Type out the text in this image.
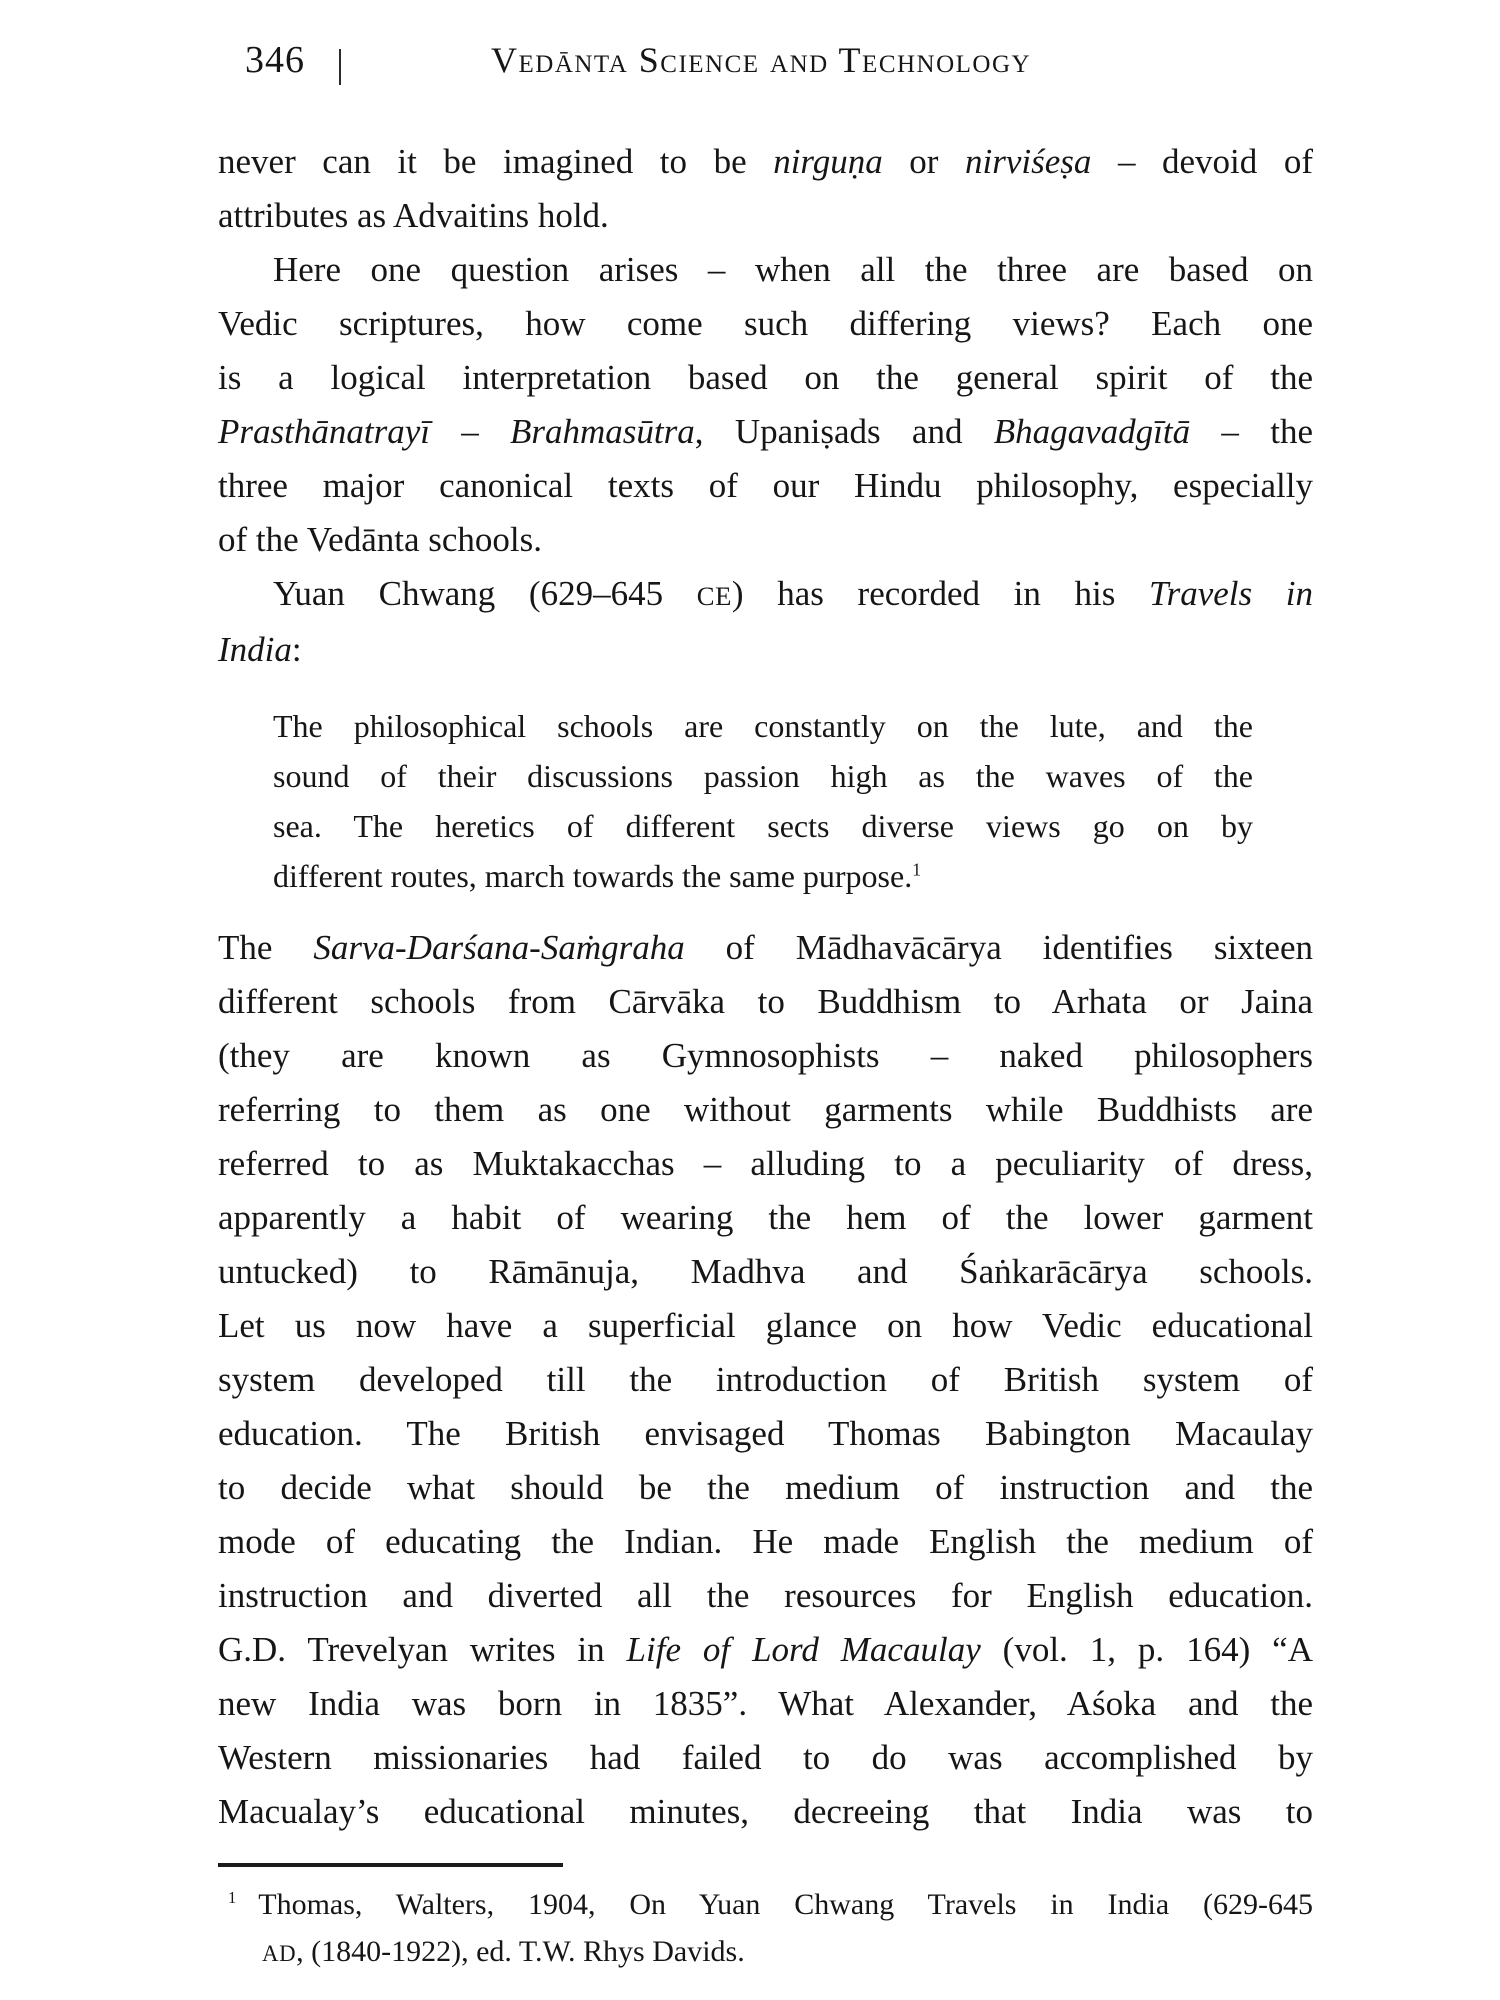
346	Vedānta Science and Technology
never can it be imagined to be nirguṇa or nirviśeṣa – devoid of
attributes as Advaitins hold.
Here one question arises – when all the three are based on
Vedic scriptures, how come such differing views? Each one
is a logical interpretation based on the general spirit of the
Prasthānatrayī – Brahmasūtra, Upaniṣads and Bhagavadgītā – the
three major canonical texts of our Hindu philosophy, especially
of the Vedānta schools.
Yuan Chwang (629–645 CE) has recorded in his Travels in
India:
The philosophical schools are constantly on the lute, and the
sound of their discussions passion high as the waves of the
sea. The heretics of different sects diverse views go on by
different routes, march towards the same purpose.$^1$
The Sarva-Darśana-Saṁgraha of Mādhavācārya identifies sixteen
different schools from Cārvāka to Buddhism to Arhata or Jaina
(they are known as Gymnosophists – naked philosophers
referring to them as one without garments while Buddhists are
referred to as Muktakacchas – alluding to a peculiarity of dress,
apparently a habit of wearing the hem of the lower garment
untucked) to Rāmānuja, Madhva and Śaṅkarācārya schools.
Let us now have a superficial glance on how Vedic educational
system developed till the introduction of British system of
education. The British envisaged Thomas Babington Macaulay
to decide what should be the medium of instruction and the
mode of educating the Indian. He made English the medium of
instruction and diverted all the resources for English education.
G.D. Trevelyan writes in Life of Lord Macaulay (vol. 1, p. 164) “A
new India was born in 1835”. What Alexander, Aśoka and the
Western missionaries had failed to do was accomplished by
Macualay’s educational minutes, decreeing that India was to
$^1$ Thomas, Walters, 1904, On Yuan Chwang Travels in India (629-645
AD, (1840-1922), ed. T.W. Rhys Davids.
